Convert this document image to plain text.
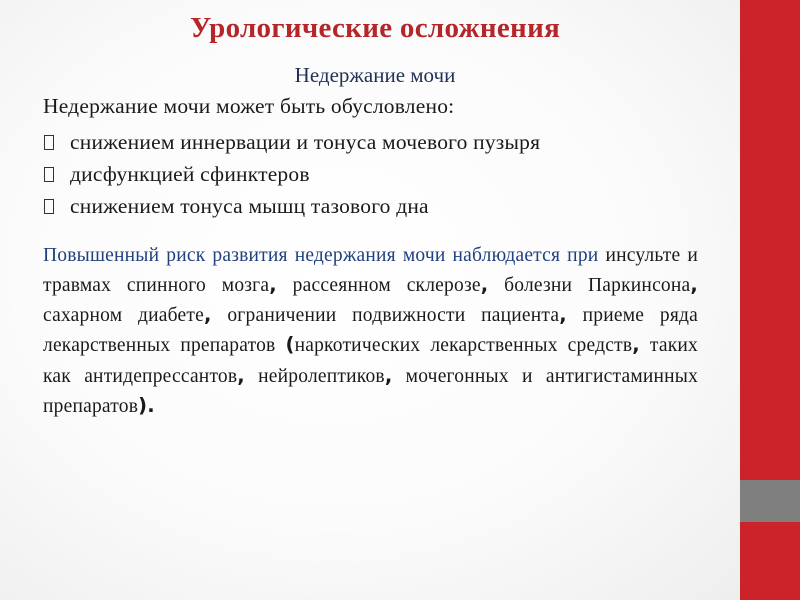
Урологические осложнения
Недержание мочи
Недержание мочи может быть обусловлено:
снижением иннервации и тонуса мочевого пузыря
дисфункцией сфинктеров
снижением тонуса мышц тазового дна

Повышенный риск развития недержания мочи наблюдается при инсульте и травмах спинного мозга, рассеянном склерозе, болезни Паркинсона, сахарном диабете, ограничении подвижности пациента, приеме ряда лекарственных препаратов (наркотических лекарственных средств, таких как антидепрессантов, нейролептиков, мочегонных и антигистаминных препаратов).
